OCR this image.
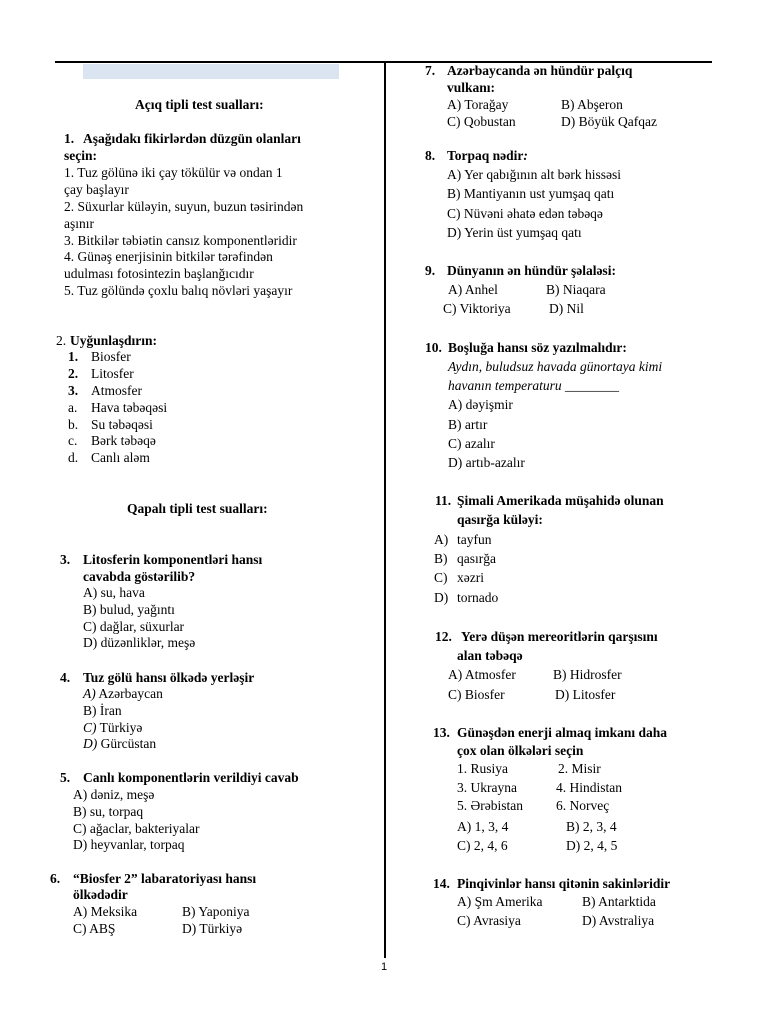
Açıq tipli test sualları:
1. Aşağıdakı fikirlərdən düzgün olanları
seçin:
1. Tuz gölünə iki çay tökülür və ondan 1
çay başlayır
2. Süxurlar küləyin, suyun, buzun təsirindən
aşınır
3. Bitkilər təbiətin cansız komponentləridir
4. Günəş enerjisinin bitkilər tərəfindən
udulması fotosintezin başlanğıcıdır
5. Tuz gölündə çoxlu balıq növləri yaşayır
2. Uyğunlaşdırın:
1. Biosfer
2. Litosfer
3. Atmosfer
a. Hava təbəqəsi
b. Su təbəqəsi
c. Bərk təbəqə
d. Canlı aləm
Qapalı tipli test sualları:
3. Litosferin komponentləri hansı
cavabda göstərilib?
A) su, hava
B) bulud, yağıntı
C) dağlar, süxurlar
D) düzənliklər, meşə
4. Tuz gölü hansı ölkədə yerləşir
A) Azərbaycan
B) İran
C) Türkiyə
D) Gürcüstan
5. Canlı komponentlərin verildiyi cavab
A) dəniz, meşə
B) su, torpaq
C) ağaclar, bakteriyalar
D) heyvanlar, torpaq
6. “Biosfer 2” labaratoriyası hansı
ölkədədir
A) Meksika	B) Yaponiya
C) ABŞ	D) Türkiyə
7. Azərbaycanda ən hündür palçıq
vulkanı:
A) Torağay	B) Abşeron
C) Qobustan	D) Böyük Qafqaz
8. Torpaq nədir:
A) Yer qabığının alt bərk hissəsi
B) Mantiyanın ust yumşaq qatı
C) Nüvəni əhatə edən təbəqə
D) Yerin üst yumşaq qatı
9. Dünyanın ən hündür şəlaləsi:
A) Anhel	B) Niaqara
C) Viktoriya	D) Nil
10. Boşluğa hansı söz yazılmalıdır:
Aydın, buludsuz havada günortaya kimi
havanın temperaturu ________
A) dəyişmir
B) artır
C) azalır
D) artıb-azalır
11. Şimali Amerikada müşahidə olunan
qasırğa küləyi:
A) tayfun
B) qasırğa
C) xəzri
D) tornado
12. Yerə düşən mereoritlərin qarşısını
alan təbəqə
A) Atmosfer	B) Hidrosfer
C) Biosfer	D) Litosfer
13. Günəşdən enerji almaq imkanı daha
çox olan ölkələri seçin
1. Rusiya	2. Misir
3. Ukrayna	4. Hindistan
5. Ərəbistan 6. Norveç
A) 1, 3, 4	B) 2, 3, 4
C) 2, 4, 6	D) 2, 4, 5
14. Pinqivinlər hansı qitənin sakinləridir
A) Şm Amerika	B) Antarktida
C) Avrasiya	D) Avstraliya
1
